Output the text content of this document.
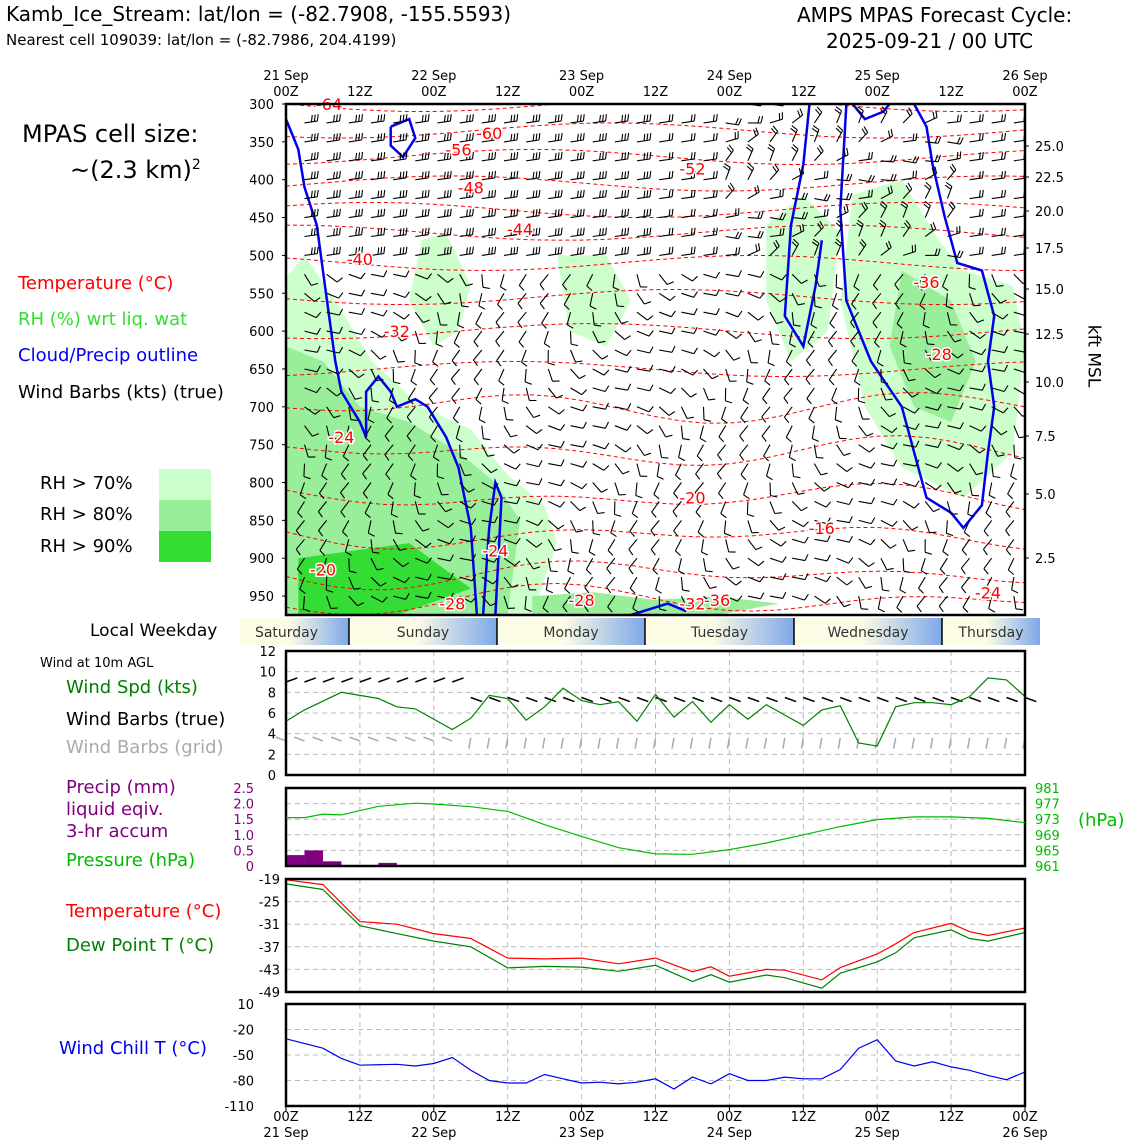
Kamb_Ice_Stream: lat/lon = (-82.7908, -155.5593)
Nearest cell 109039: lat/lon = (-82.7986, 204.4199)
AMPS MPAS Forecast Cycle:
2025-09-21 / 00 UTC
MPAS cell size:
~(2.3 km)$^2$
Temperature (°C)
RH (%) wrt liq. wat
Cloud/Precip outline
Wind Barbs (kts) (true)
RH > 70%
RH > 80%
RH > 90%
Local Weekday
Wind at 10m AGL
Wind Spd (kts)
Wind Barbs (true)
Wind Barbs (grid)
Precip (mm)
liquid eqiv.
3-hr accum
Pressure (hPa)
(hPa)
Temperature (°C)
Dew Point T (°C)
Wind Chill T (°C)
kft MSL
21 Sep	22 Sep	23 Sep	24 Sep	25 Sep	26 Sep
00Z	12Z	00Z	12Z	00Z	12Z	00Z	12Z	00Z	12Z	00Z
-64
-60
-56
-52
-48
-44
-40
-36
-32
-28
-24
-20
-16
-24
-20
-28	-28	-32
-36	-24
300
350
400
450
500
550
600
650
700
750
800
850
900
950
25.0
22.5
20.0
17.5
15.0
12.5
10.0
7.5
5.0
2.5
Saturday	Sunday	Monday	Tuesday	Wednesday	Thursday
0
2
4
6
8
10
12
0
0.5
1.0
1.5
2.0
2.5
961
965
969
973
977
981
-19
-25
-31
-37
-43
-49
10
-20
-50
-80
-110
00Z	12Z	00Z	12Z	00Z	12Z	00Z	12Z	00Z	12Z	00Z
21 Sep	22 Sep	23 Sep	24 Sep	25 Sep	26 Sep
